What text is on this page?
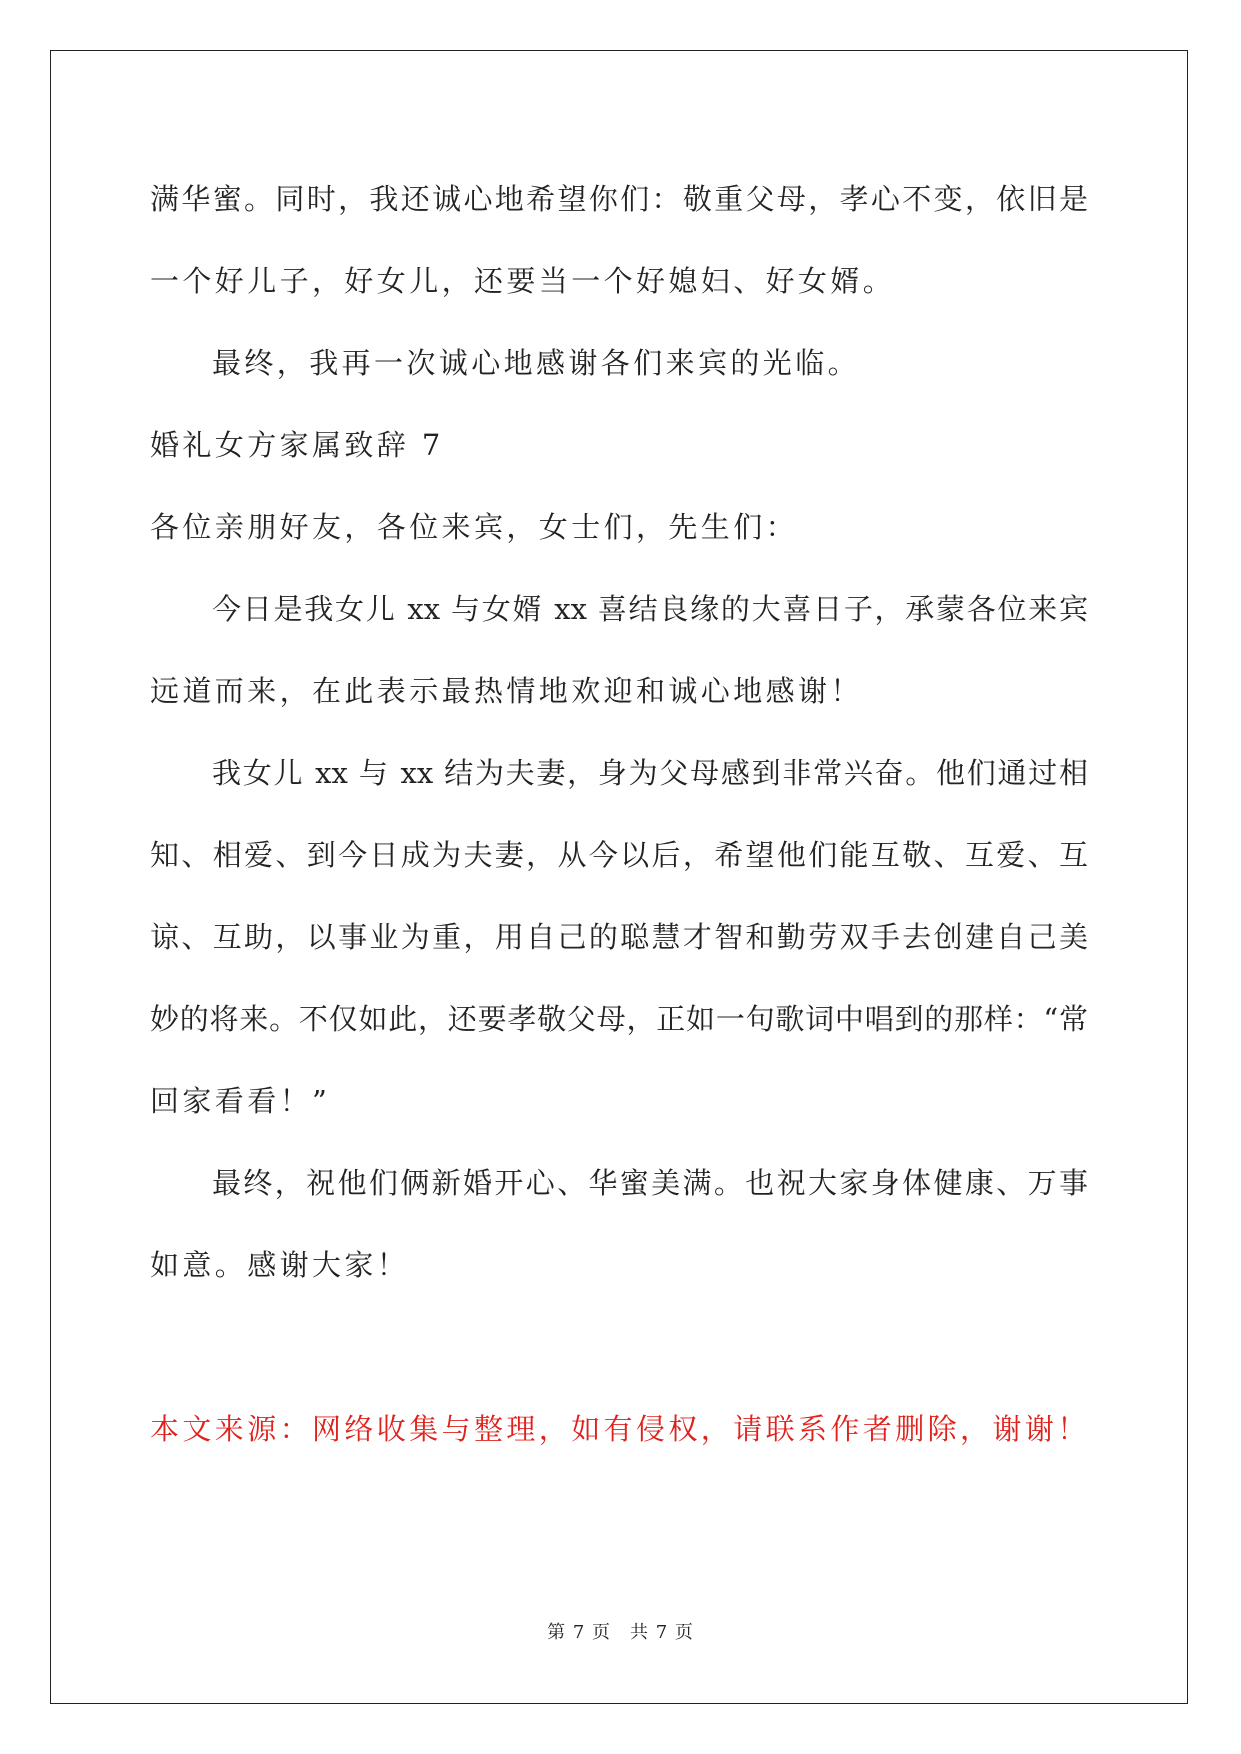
满华蜜。同时，我还诚心地希望你们：敬重父母，孝心不变，依旧是

一个好儿子，好女儿，还要当一个好媳妇、好女婿。

最终，我再一次诚心地感谢各们来宾的光临。

婚礼女方家属致辞 7

各位亲朋好友，各位来宾，女士们，先生们：

今日是我女儿 xx 与女婿 xx 喜结良缘的大喜日子，承蒙各位来宾

远道而来，在此表示最热情地欢迎和诚心地感谢！

我女儿 xx 与 xx 结为夫妻，身为父母感到非常兴奋。他们通过相

知、相爱、到今日成为夫妻，从今以后，希望他们能互敬、互爱、互

谅、互助，以事业为重，用自己的聪慧才智和勤劳双手去创建自己美

妙的将来。不仅如此，还要孝敬父母，正如一句歌词中唱到的那样：“常

回家看看！”

最终，祝他们俩新婚开心、华蜜美满。也祝大家身体健康、万事

如意。感谢大家！

本文来源：网络收集与整理，如有侵权，请联系作者删除，谢谢！

第 7 页　共 7 页
